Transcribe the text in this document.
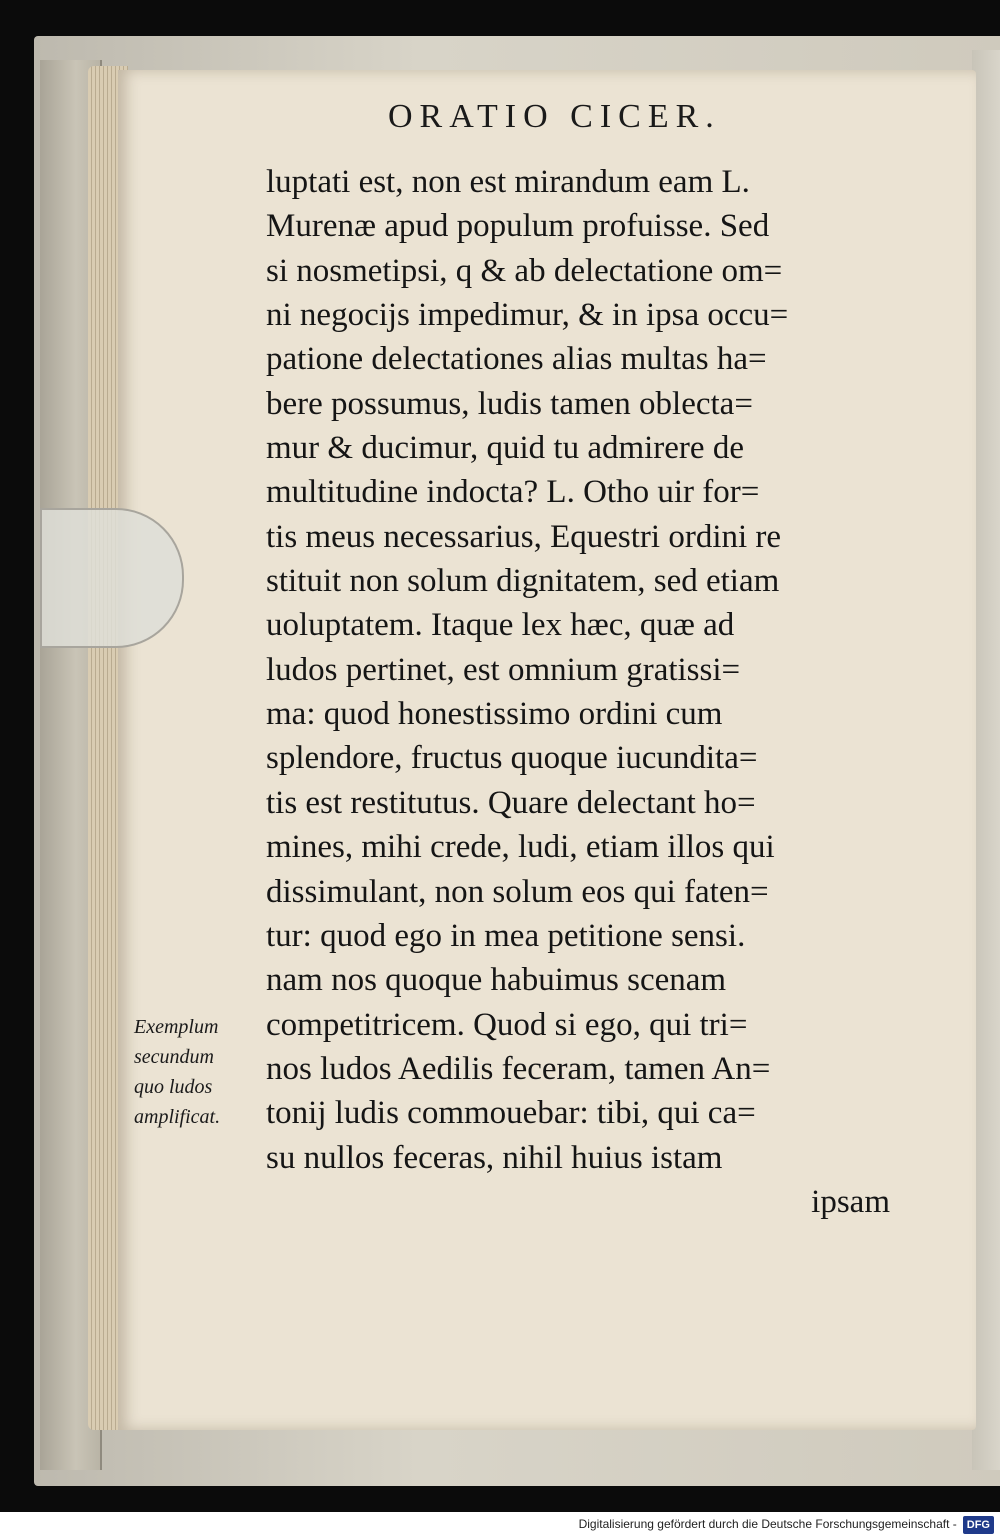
ORATIO CICER.
luptati est, non est mirandum eam L.
Murenæ apud populum profuisse. Sed
si nosmetipsi, q & ab delectatione om=
ni negocijs impedimur, & in ipsa occu=
patione delectationes alias multas ha=
bere possumus, ludis tamen oblecta=
mur & ducimur, quid tu admirere de
multitudine indocta? L. Otho uir for=
tis meus necessarius, Equestri ordini re
stituit non solum dignitatem, sed etiam
uoluptatem. Itaque lex hæc, quæ ad
ludos pertinet, est omnium gratissi=
ma: quod honestissimo ordini cum
splendore, fructus quoque iucundita=
tis est restitutus. Quare delectant ho=
mines, mihi crede, ludi, etiam illos qui
dissimulant, non solum eos qui faten=
tur: quod ego in mea petitione sensi.
nam nos quoque habuimus scenam
competitricem. Quod si ego, qui tri=
nos ludos Aedilis feceram, tamen An=
tonij ludis commouebar: tibi, qui ca=
su nullos feceras, nihil huius istam
ipsam
Exemplum
secundum
quo ludos
amplificat.
Digitalisierung gefördert durch die Deutsche Forschungsgemeinschaft - DFG
